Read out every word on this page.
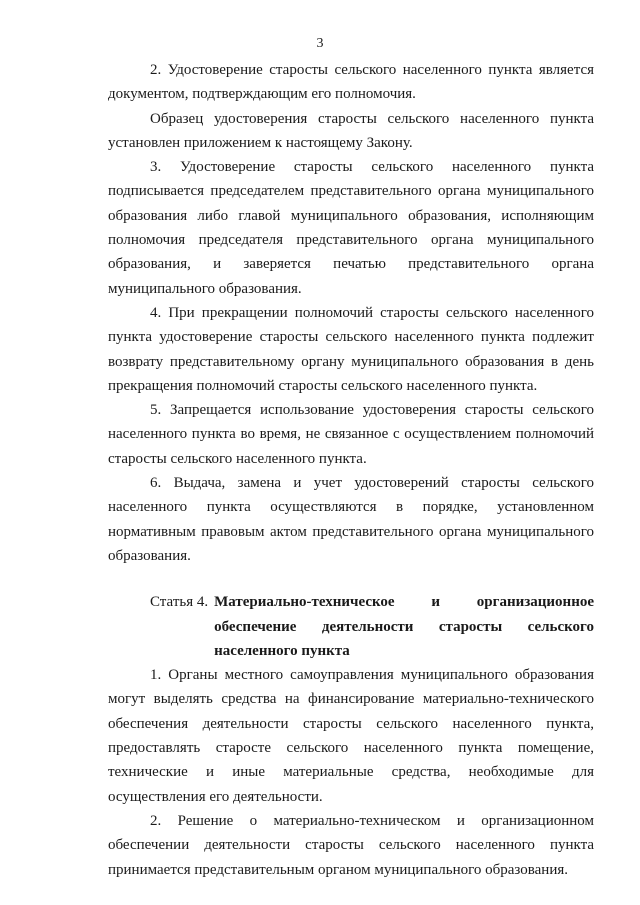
3

2. Удостоверение старосты сельского населенного пункта является документом, подтверждающим его полномочия.

Образец удостоверения старосты сельского населенного пункта установлен приложением к настоящему Закону.

3. Удостоверение старосты сельского населенного пункта подписывается председателем представительного органа муниципального образования либо главой муниципального образования, исполняющим полномочия председателя представительного органа муниципального образования, и заверяется печатью представительного органа муниципального образования.

4. При прекращении полномочий старосты сельского населенного пункта удостоверение старосты сельского населенного пункта подлежит возврату представительному органу муниципального образования в день прекращения полномочий старосты сельского населенного пункта.

5. Запрещается использование удостоверения старосты сельского населенного пункта во время, не связанное с осуществлением полномочий старосты сельского населенного пункта.

6. Выдача, замена и учет удостоверений старосты сельского населенного пункта осуществляются в порядке, установленном нормативным правовым актом представительного органа муниципального образования.

Статья 4. Материально-техническое и организационное обеспечение деятельности старосты сельского населенного пункта

1. Органы местного самоуправления муниципального образования могут выделять средства на финансирование материально-технического обеспечения деятельности старосты сельского населенного пункта, предоставлять старосте сельского населенного пункта помещение, технические и иные материальные средства, необходимые для осуществления его деятельности.

2. Решение о материально-техническом и организационном обеспечении деятельности старосты сельского населенного пункта принимается представительным органом муниципального образования.
